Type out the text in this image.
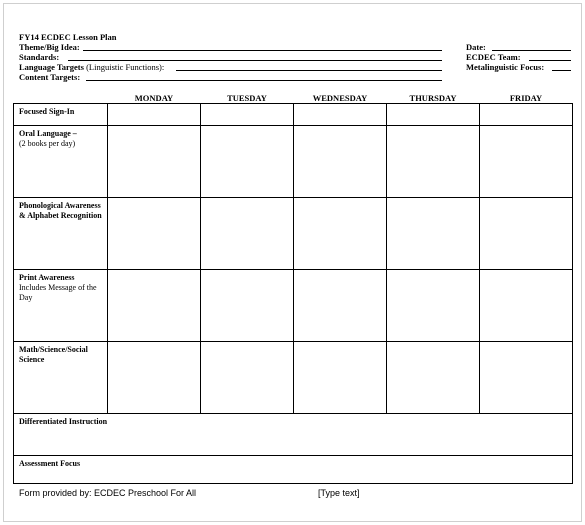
FY14 ECDEC Lesson Plan
Theme/Big Idea:
Standards:
Language Targets (Linguistic Functions):
Content Targets:
Date:
ECDEC Team:
Metalinguistic Focus:
	MONDAY	TUESDAY	WEDNESDAY	THURSDAY	FRIDAY
Focused Sign-In					
Oral Language –
(2 books per day)					
Phonological Awareness & Alphabet Recognition					
Print Awareness
Includes Message of the Day					
Math/Science/Social Science					
Differentiated Instruction					
Assessment Focus					
Form provided by: ECDEC Preschool For All	[Type text]
